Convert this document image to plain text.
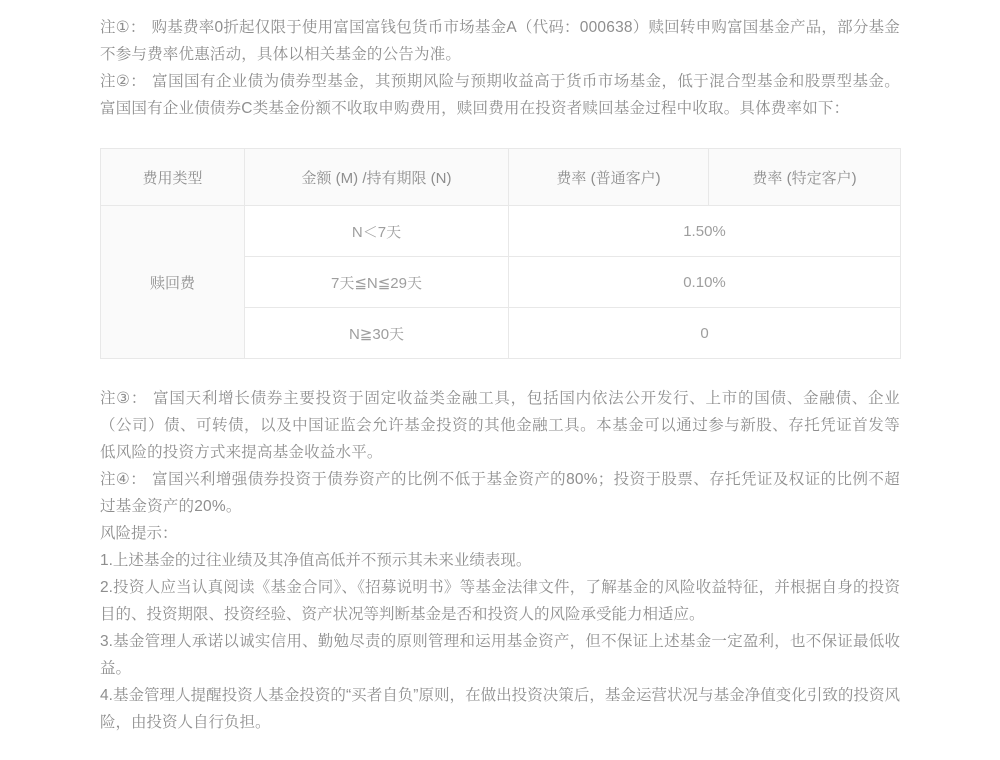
注①： 购基费率0折起仅限于使用富国富钱包货币市场基金A（代码：000638）赎回转申购富国基金产品，部分基金不参与费率优惠活动，具体以相关基金的公告为准。

注②： 富国国有企业债为债券型基金，其预期风险与预期收益高于货币市场基金，低于混合型基金和股票型基金。富国国有企业债债券C类基金份额不收取申购费用，赎回费用在投资者赎回基金过程中收取。具体费率如下：

费用类型	金额 (M) /持有期限 (N)	费率 (普通客户)	费率 (特定客户)
赎回费	N＜7天	1.50%	
	7天≦N≦29天	0.10%	
	N≧30天	0	

注③： 富国天利增长债券主要投资于固定收益类金融工具，包括国内依法公开发行、上市的国债、金融债、企业（公司）债、可转债，以及中国证监会允许基金投资的其他金融工具。本基金可以通过参与新股、存托凭证首发等低风险的投资方式来提高基金收益水平。

注④： 富国兴利增强债券投资于债券资产的比例不低于基金资产的80%；投资于股票、存托凭证及权证的比例不超过基金资产的20%。

风险提示：

1.上述基金的过往业绩及其净值高低并不预示其未来业绩表现。

2.投资人应当认真阅读《基金合同》、《招募说明书》等基金法律文件，了解基金的风险收益特征，并根据自身的投资目的、投资期限、投资经验、资产状况等判断基金是否和投资人的风险承受能力相适应。

3.基金管理人承诺以诚实信用、勤勉尽责的原则管理和运用基金资产，但不保证上述基金一定盈利，也不保证最低收益。

4.基金管理人提醒投资人基金投资的“买者自负”原则，在做出投资决策后，基金运营状况与基金净值变化引致的投资风险，由投资人自行负担。
